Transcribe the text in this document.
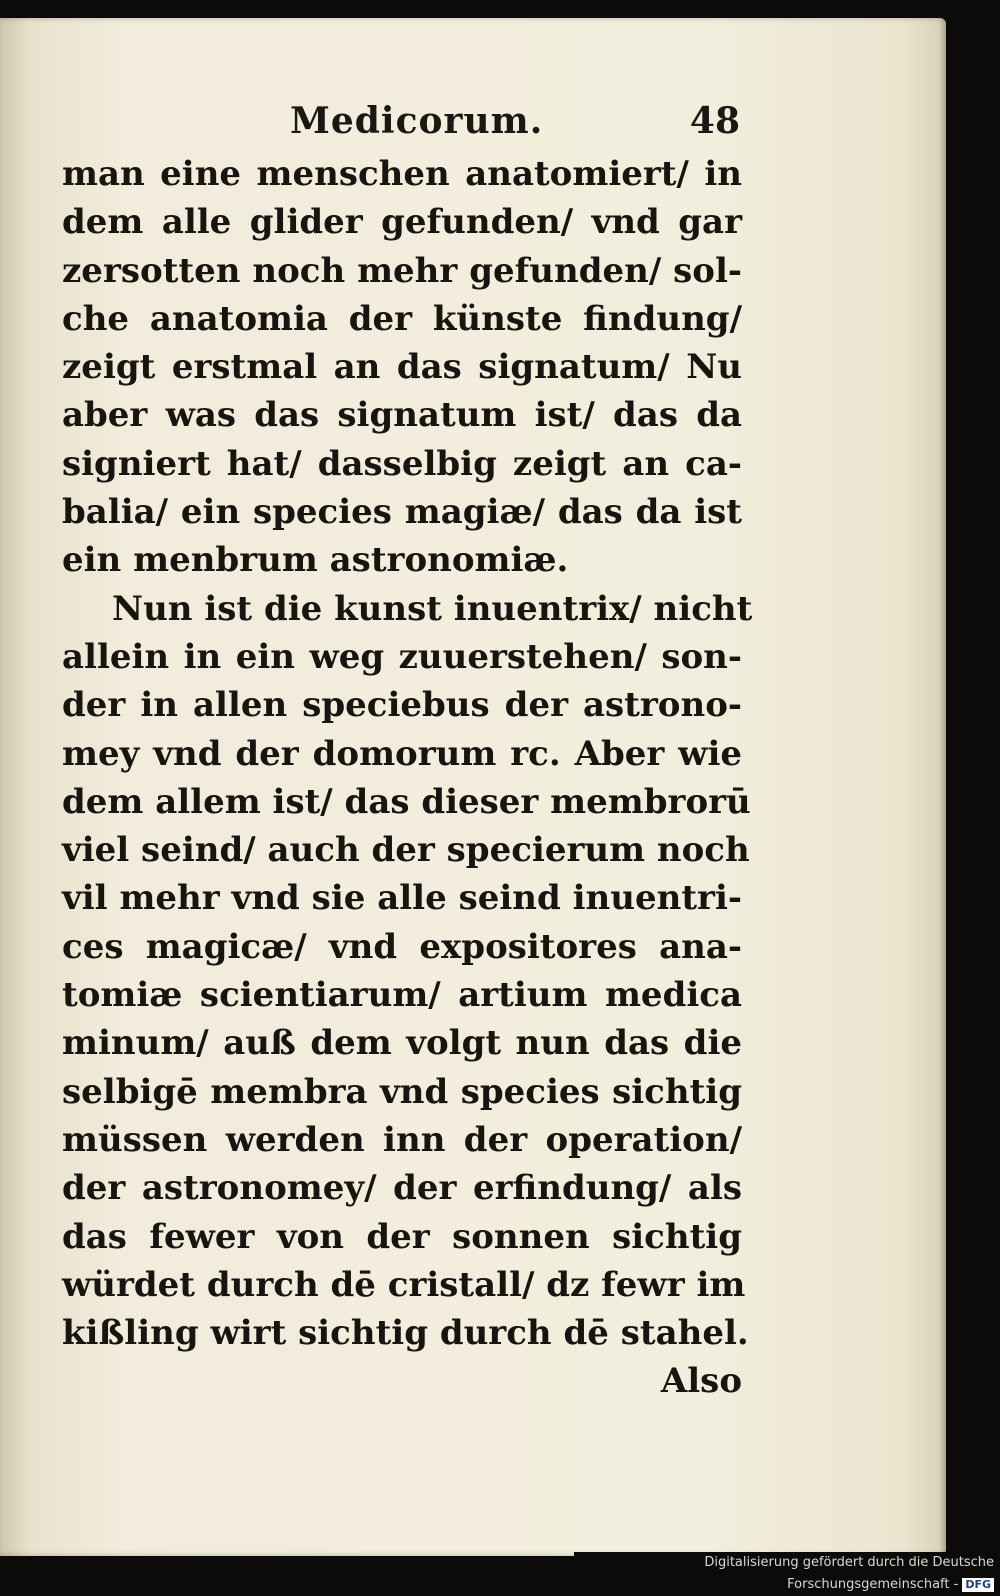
Medicorum.	48
man eine menschen anatomiert/ in
dem alle glider gefunden/ vnd gar
zersotten noch mehr gefunden/ sol-
che anatomia der künste findung/
zeigt erstmal an das signatum/ Nu
aber was das signatum ist/ das da
signiert hat/ dasselbig zeigt an ca-
balia/ ein species magiæ/ das da ist
ein menbrum astronomiæ.
Nun ist die kunst inuentrix/ nicht
allein in ein weg zuuerstehen/ son-
der in allen speciebus der astrono-
mey vnd der domorum rc. Aber wie
dem allem ist/ das dieser membrorū
viel seind/ auch der specierum noch
vil mehr vnd sie alle seind inuentri-
ces magicæ/ vnd expositores ana-
tomiæ scientiarum/ artium medica
minum/ auß dem volgt nun das die
selbigē membra vnd species sichtig
müssen werden inn der operation/
der astronomey/ der erfindung/ als
das fewer von der sonnen sichtig
würdet durch dē cristall/ dz fewr im
kißling wirt sichtig durch dē stahel.
Also
Digitalisierung gefördert durch die Deutsche Forschungsgemeinschaft - DFG
